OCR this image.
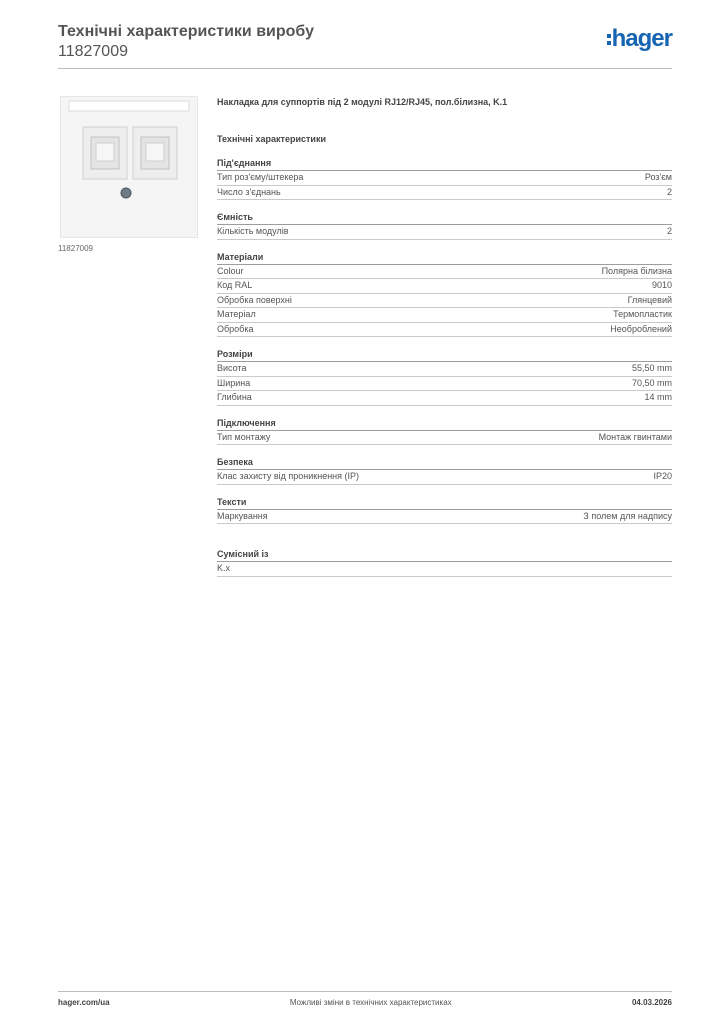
Технічні характеристики виробу
11827009	hager
11827009
Накладка для суппортів під 2 модулі RJ12/RJ45, пол.білизна, K.1
Технічні характеристики
Під'єднання
Тип роз'єму/штекера	Роз'єм
Число з'єднань	2
Ємність
Кількість модулів	2
Матеріали
Colour	Полярна білизна
Код RAL	9010
Обробка поверхні	Глянцевий
Матеріал	Термопластик
Обробка	Необроблений
Розміри
Висота	55,50 mm
Ширина	70,50 mm
Глибина	14 mm
Підключення
Тип монтажу	Монтаж гвинтами
Безпека
Клас захисту від проникнення (IP)	IP20
Тексти
Маркування	З полем для надпису
Сумісний із
K.x
hager.com/ua	Можливі зміни в технічних характеристиках	04.03.2026
